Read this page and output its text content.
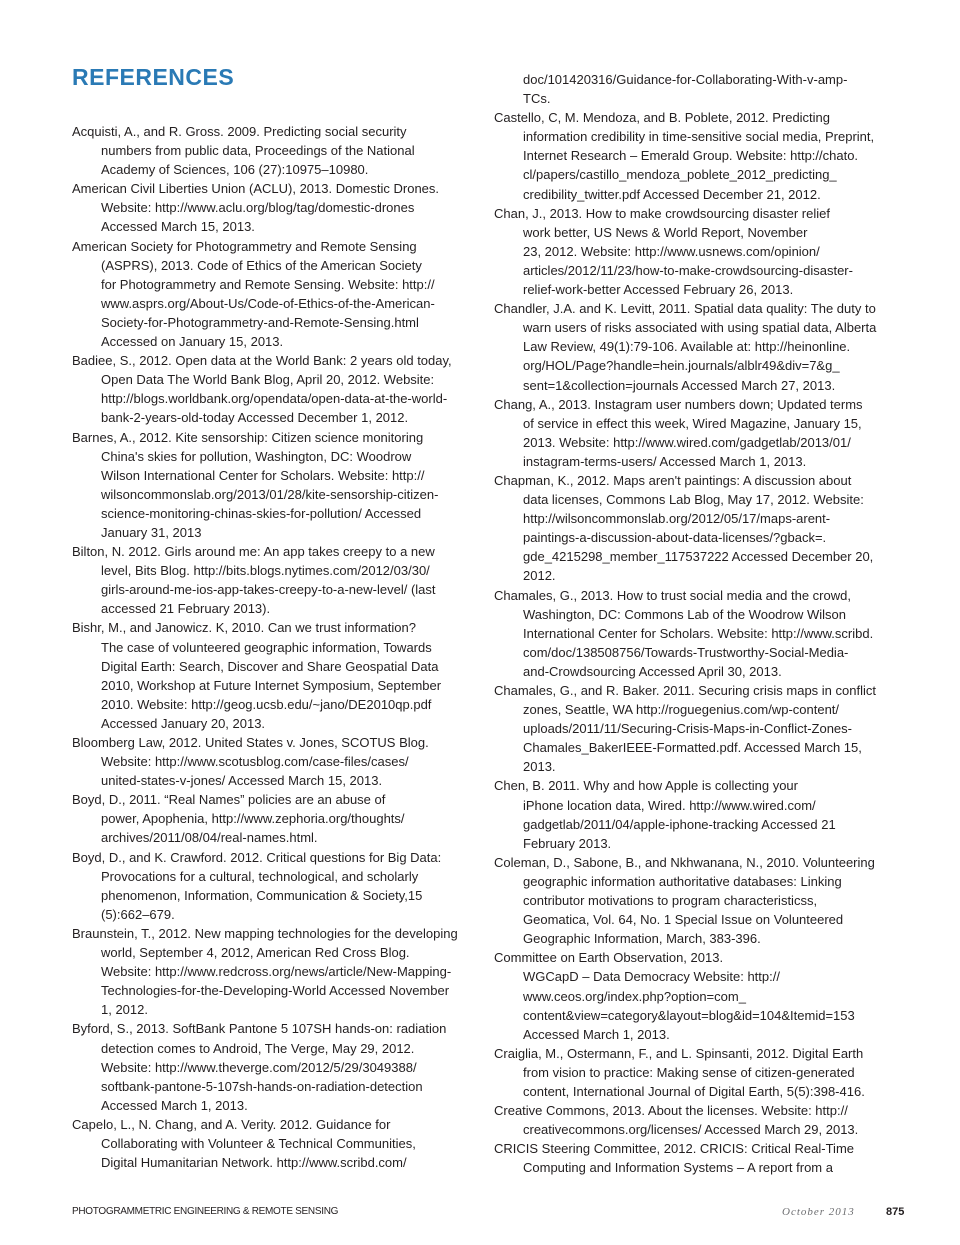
REFERENCES

Acquisti, A., and R. Gross. 2009. Predicting social security
numbers from public data, Proceedings of the National
Academy of Sciences, 106 (27):10975–10980.

American Civil Liberties Union (ACLU), 2013. Domestic Drones.
Website: http://www.aclu.org/blog/tag/domestic-drones
Accessed March 15, 2013.

American Society for Photogrammetry and Remote Sensing
(ASPRS), 2013. Code of Ethics of the American Society
for Photogrammetry and Remote Sensing. Website: http://
www.asprs.org/About-Us/Code-of-Ethics-of-the-American-
Society-for-Photogrammetry-and-Remote-Sensing.html
Accessed on January 15, 2013.

Badiee, S., 2012. Open data at the World Bank: 2 years old today,
Open Data The World Bank Blog, April 20, 2012. Website:
http://blogs.worldbank.org/opendata/open-data-at-the-world-
bank-2-years-old-today Accessed December 1, 2012.

Barnes, A., 2012. Kite sensorship: Citizen science monitoring
China's skies for pollution, Washington, DC: Woodrow
Wilson International Center for Scholars. Website: http://
wilsoncommonslab.org/2013/01/28/kite-sensorship-citizen-
science-monitoring-chinas-skies-for-pollution/ Accessed
January 31, 2013

Bilton, N. 2012. Girls around me: An app takes creepy to a new
level, Bits Blog. http://bits.blogs.nytimes.com/2012/03/30/
girls-around-me-ios-app-takes-creepy-to-a-new-level/ (last
accessed 21 February 2013).

Bishr, M., and Janowicz. K, 2010. Can we trust information?
The case of volunteered geographic information, Towards
Digital Earth: Search, Discover and Share Geospatial Data
2010, Workshop at Future Internet Symposium, September
2010. Website: http://geog.ucsb.edu/~jano/DE2010qp.pdf
Accessed January 20, 2013.

Bloomberg Law, 2012. United States v. Jones, SCOTUS Blog.
Website: http://www.scotusblog.com/case-files/cases/
united-states-v-jones/ Accessed March 15, 2013.

Boyd, D., 2011. “Real Names” policies are an abuse of
power, Apophenia, http://www.zephoria.org/thoughts/
archives/2011/08/04/real-names.html.

Boyd, D., and K. Crawford. 2012. Critical questions for Big Data:
Provocations for a cultural, technological, and scholarly
phenomenon, Information, Communication & Society,15
(5):662–679.

Braunstein, T., 2012. New mapping technologies for the developing
world, September 4, 2012, American Red Cross Blog.
Website: http://www.redcross.org/news/article/New-Mapping-
Technologies-for-the-Developing-World Accessed November
1, 2012.

Byford, S., 2013. SoftBank Pantone 5 107SH hands-on: radiation
detection comes to Android, The Verge, May 29, 2012.
Website: http://www.theverge.com/2012/5/29/3049388/
softbank-pantone-5-107sh-hands-on-radiation-detection
Accessed March 1, 2013.

Capelo, L., N. Chang, and A. Verity. 2012. Guidance for
Collaborating with Volunteer & Technical Communities,
Digital Humanitarian Network. http://www.scribd.com/

doc/101420316/Guidance-for-Collaborating-With-v-amp-
TCs.

Castello, C, M. Mendoza, and B. Poblete, 2012. Predicting
information credibility in time-sensitive social media, Preprint,
Internet Research – Emerald Group. Website: http://chato.
cl/papers/castillo_mendoza_poblete_2012_predicting_
credibility_twitter.pdf Accessed December 21, 2012.

Chan, J., 2013. How to make crowdsourcing disaster relief
work better, US News & World Report, November
23, 2012. Website: http://www.usnews.com/opinion/
articles/2012/11/23/how-to-make-crowdsourcing-disaster-
relief-work-better Accessed February 26, 2013.

Chandler, J.A. and K. Levitt, 2011. Spatial data quality: The duty to
warn users of risks associated with using spatial data, Alberta
Law Review, 49(1):79-106. Available at: http://heinonline.
org/HOL/Page?handle=hein.journals/alblr49&div=7&g_
sent=1&collection=journals Accessed March 27, 2013.

Chang, A., 2013. Instagram user numbers down; Updated terms
of service in effect this week, Wired Magazine, January 15,
2013. Website: http://www.wired.com/gadgetlab/2013/01/
instagram-terms-users/ Accessed March 1, 2013.

Chapman, K., 2012. Maps aren't paintings: A discussion about
data licenses, Commons Lab Blog, May 17, 2012. Website:
http://wilsoncommonslab.org/2012/05/17/maps-arent-
paintings-a-discussion-about-data-licenses/?gback=.
gde_4215298_member_117537222 Accessed December 20,
2012.

Chamales, G., 2013. How to trust social media and the crowd,
Washington, DC: Commons Lab of the Woodrow Wilson
International Center for Scholars. Website: http://www.scribd.
com/doc/138508756/Towards-Trustworthy-Social-Media-
and-Crowdsourcing Accessed April 30, 2013.

Chamales, G., and R. Baker. 2011. Securing crisis maps in conflict
zones, Seattle, WA http://roguegenius.com/wp-content/
uploads/2011/11/Securing-Crisis-Maps-in-Conflict-Zones-
Chamales_BakerIEEE-Formatted.pdf. Accessed March 15,
2013.

Chen, B. 2011. Why and how Apple is collecting your
iPhone location data, Wired. http://www.wired.com/
gadgetlab/2011/04/apple-iphone-tracking Accessed 21
February 2013.

Coleman, D., Sabone, B., and Nkhwanana, N., 2010. Volunteering
geographic information authoritative databases: Linking
contributor motivations to program characteristicss,
Geomatica, Vol. 64, No. 1 Special Issue on Volunteered
Geographic Information, March, 383-396.

Committee on Earth Observation, 2013.
WGCapD – Data Democracy Website: http://
www.ceos.org/index.php?option=com_
content&view=category&layout=blog&id=104&Itemid=153
Accessed March 1, 2013.

Craiglia, M., Ostermann, F., and L. Spinsanti, 2012. Digital Earth
from vision to practice: Making sense of citizen-generated
content, International Journal of Digital Earth, 5(5):398-416.

Creative Commons, 2013. About the licenses. Website: http://
creativecommons.org/licenses/ Accessed March 29, 2013.

CRICIS Steering Committee, 2012. CRICIS: Critical Real-Time
Computing and Information Systems – A report from a

PHOTOGRAMMETRIC ENGINEERING & REMOTE SENSING	October 2013	875
